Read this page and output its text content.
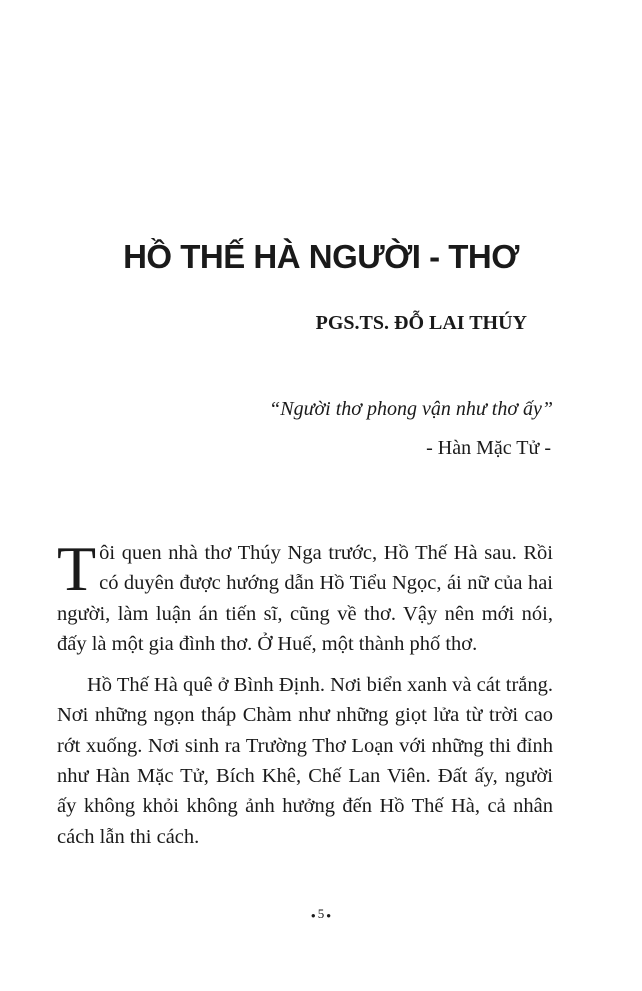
HỒ THẾ HÀ NGƯỜI - THƠ

PGS.TS. ĐỖ LAI THÚY

“Người thơ phong vận như thơ ấy”

- Hàn Mặc Tử -

Tôi quen nhà thơ Thúy Nga trước, Hồ Thế Hà sau. Rồi có duyên được hướng dẫn Hồ Tiểu Ngọc, ái nữ của hai người, làm luận án tiến sĩ, cũng về thơ. Vậy nên mới nói, đấy là một gia đình thơ. Ở Huế, một thành phố thơ.

Hồ Thế Hà quê ở Bình Định. Nơi biển xanh và cát trắng. Nơi những ngọn tháp Chàm như những giọt lửa từ trời cao rớt xuống. Nơi sinh ra Trường Thơ Loạn với những thi đỉnh như Hàn Mặc Tử, Bích Khê, Chế Lan Viên. Đất ấy, người ấy không khỏi không ảnh hưởng đến Hồ Thế Hà, cả nhân cách lẫn thi cách.

● 5 ●
